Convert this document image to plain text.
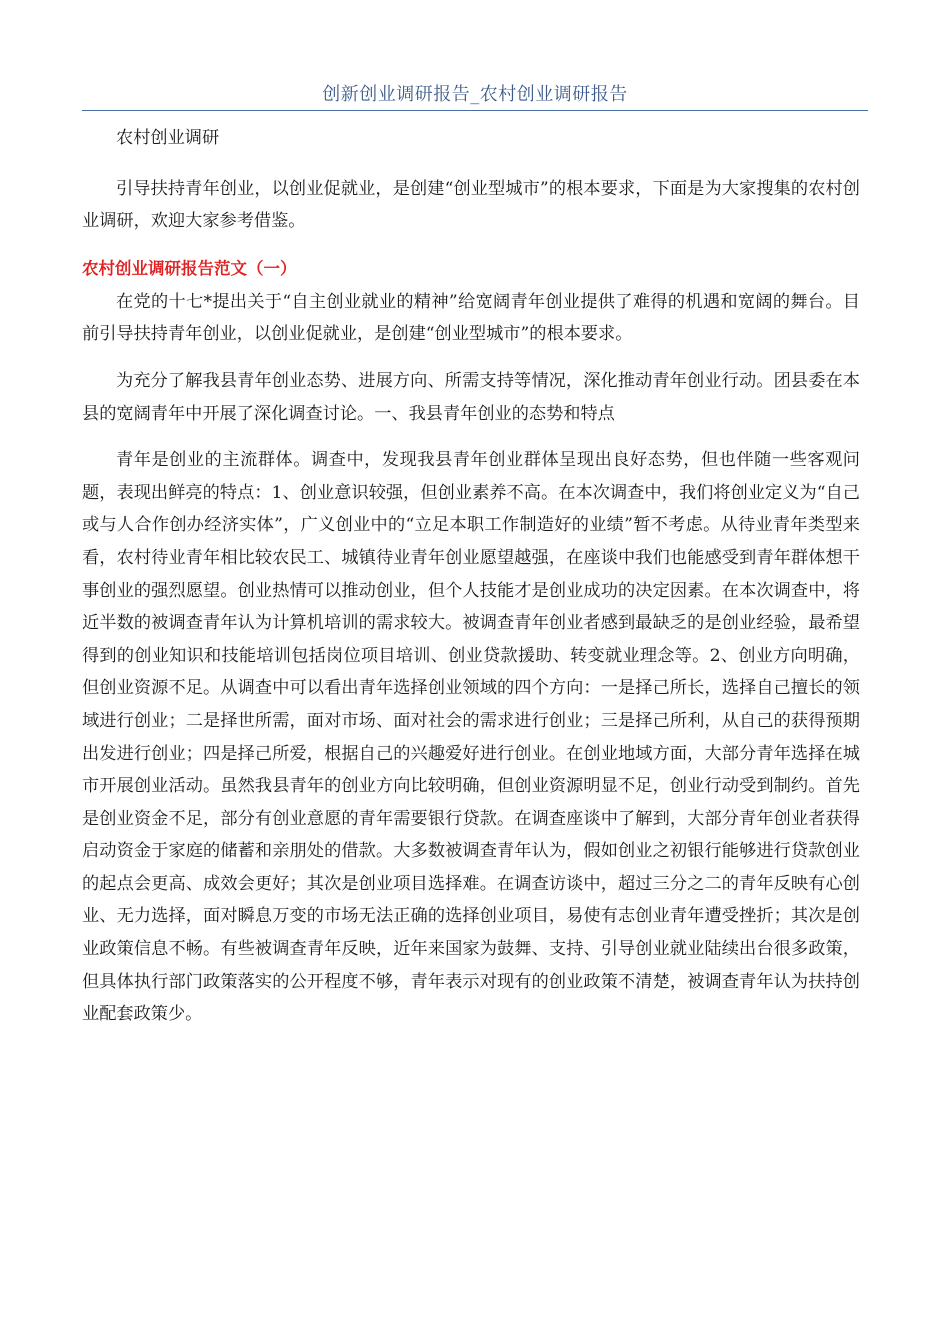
创新创业调研报告_农村创业调研报告

农村创业调研

引导扶持青年创业，以创业促就业，是创建“创业型城市”的根本要求，下面是为大家搜集的农村创业调研，欢迎大家参考借鉴。

农村创业调研报告范文（一）

在党的十七*提出关于“自主创业就业的精神”给宽阔青年创业提供了难得的机遇和宽阔的舞台。目前引导扶持青年创业，以创业促就业，是创建“创业型城市”的根本要求。

为充分了解我县青年创业态势、进展方向、所需支持等情况，深化推动青年创业行动。团县委在本县的宽阔青年中开展了深化调查讨论。一、我县青年创业的态势和特点

青年是创业的主流群体。调查中，发现我县青年创业群体呈现出良好态势，但也伴随一些客观问题，表现出鲜亮的特点：1、创业意识较强，但创业素养不高。在本次调查中，我们将创业定义为“自己或与人合作创办经济实体”，广义创业中的“立足本职工作制造好的业绩”暂不考虑。从待业青年类型来看，农村待业青年相比较农民工、城镇待业青年创业愿望越强，在座谈中我们也能感受到青年群体想干事创业的强烈愿望。创业热情可以推动创业，但个人技能才是创业成功的决定因素。在本次调查中，将近半数的被调查青年认为计算机培训的需求较大。被调查青年创业者感到最缺乏的是创业经验，最希望得到的创业知识和技能培训包括岗位项目培训、创业贷款援助、转变就业理念等。2、创业方向明确，但创业资源不足。从调查中可以看出青年选择创业领域的四个方向：一是择己所长，选择自己擅长的领域进行创业；二是择世所需，面对市场、面对社会的需求进行创业；三是择己所利，从自己的获得预期出发进行创业；四是择己所爱，根据自己的兴趣爱好进行创业。在创业地域方面，大部分青年选择在城市开展创业活动。虽然我县青年的创业方向比较明确，但创业资源明显不足，创业行动受到制约。首先是创业资金不足，部分有创业意愿的青年需要银行贷款。在调查座谈中了解到，大部分青年创业者获得启动资金于家庭的储蓄和亲朋处的借款。大多数被调查青年认为，假如创业之初银行能够进行贷款创业的起点会更高、成效会更好；其次是创业项目选择难。在调查访谈中，超过三分之二的青年反映有心创业、无力选择，面对瞬息万变的市场无法正确的选择创业项目，易使有志创业青年遭受挫折；其次是创业政策信息不畅。有些被调查青年反映，近年来国家为鼓舞、支持、引导创业就业陆续出台很多政策，但具体执行部门政策落实的公开程度不够，青年表示对现有的创业政策不清楚，被调查青年认为扶持创业配套政策少。
